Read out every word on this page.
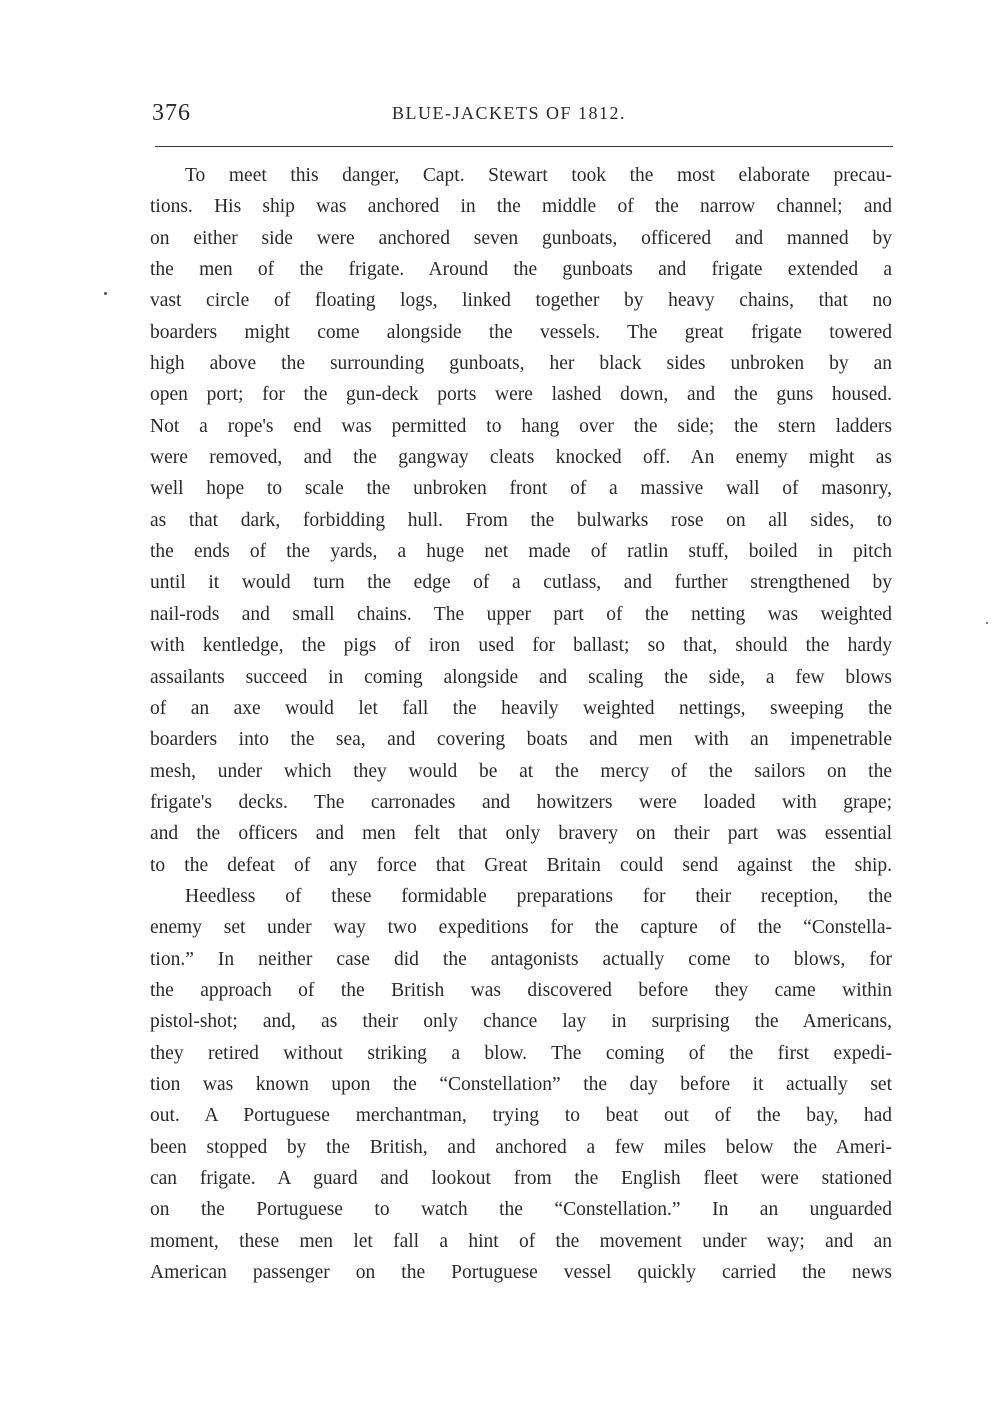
376	BLUE-JACKETS OF 1812.
To meet this danger, Capt. Stewart took the most elaborate precau-
tions. His ship was anchored in the middle of the narrow channel; and
on either side were anchored seven gunboats, officered and manned by
the men of the frigate. Around the gunboats and frigate extended a
vast circle of floating logs, linked together by heavy chains, that no
boarders might come alongside the vessels. The great frigate towered
high above the surrounding gunboats, her black sides unbroken by an
open port; for the gun-deck ports were lashed down, and the guns housed.
Not a rope's end was permitted to hang over the side; the stern ladders
were removed, and the gangway cleats knocked off. An enemy might as
well hope to scale the unbroken front of a massive wall of masonry,
as that dark, forbidding hull. From the bulwarks rose on all sides, to
the ends of the yards, a huge net made of ratlin stuff, boiled in pitch
until it would turn the edge of a cutlass, and further strengthened by
nail-rods and small chains. The upper part of the netting was weighted
with kentledge, the pigs of iron used for ballast; so that, should the hardy
assailants succeed in coming alongside and scaling the side, a few blows
of an axe would let fall the heavily weighted nettings, sweeping the
boarders into the sea, and covering boats and men with an impenetrable
mesh, under which they would be at the mercy of the sailors on the
frigate's decks. The carronades and howitzers were loaded with grape;
and the officers and men felt that only bravery on their part was essential
to the defeat of any force that Great Britain could send against the ship.
Heedless of these formidable preparations for their reception, the
enemy set under way two expeditions for the capture of the “Constella-
tion.” In neither case did the antagonists actually come to blows, for
the approach of the British was discovered before they came within
pistol-shot; and, as their only chance lay in surprising the Americans,
they retired without striking a blow. The coming of the first expedi-
tion was known upon the “Constellation” the day before it actually set
out. A Portuguese merchantman, trying to beat out of the bay, had
been stopped by the British, and anchored a few miles below the Ameri-
can frigate. A guard and lookout from the English fleet were stationed
on the Portuguese to watch the “Constellation.” In an unguarded
moment, these men let fall a hint of the movement under way; and an
American passenger on the Portuguese vessel quickly carried the news
